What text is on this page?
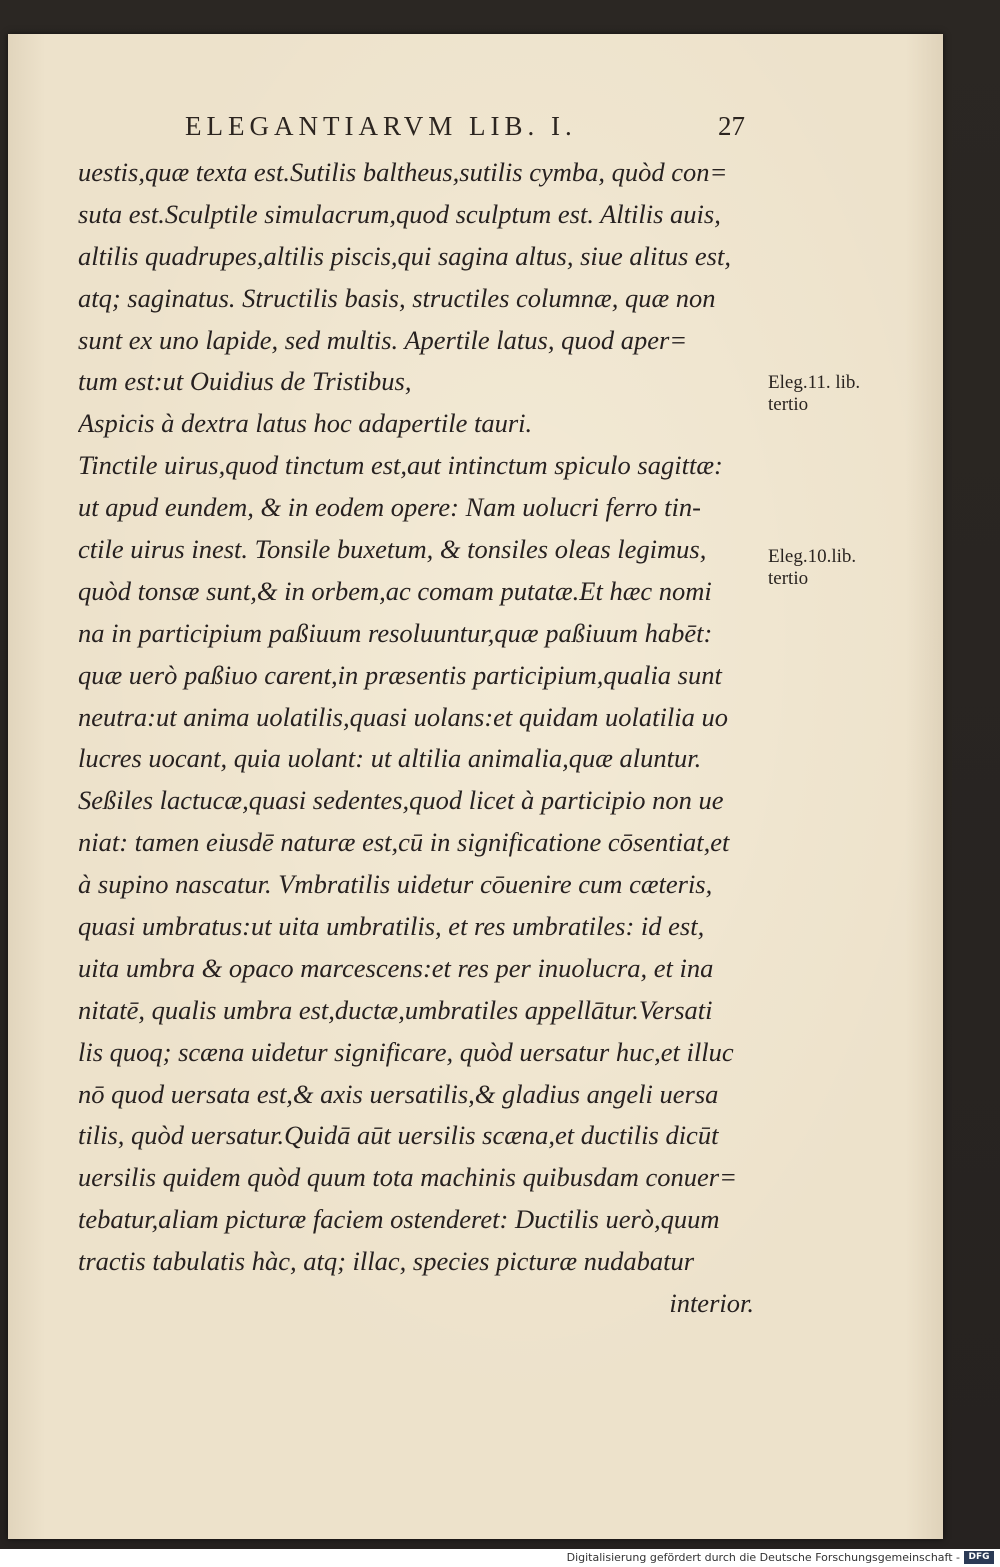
ELEGANTIARVM LIB. I.	27
uestis,quæ texta est.Sutilis baltheus,sutilis cymba, quòd con=
suta est.Sculptile simulacrum,quod sculptum est. Altilis auis,
altilis quadrupes,altilis piscis,qui sagina altus, siue alitus est,
atq; saginatus. Structilis basis, structiles columnæ, quæ non
sunt ex uno lapide, sed multis. Apertile latus, quod aper=
tum est:ut Ouidius de Tristibus,
Aspicis à dextra latus hoc adapertile tauri.
Tinctile uirus,quod tinctum est,aut intinctum spiculo sagittæ:
ut apud eundem, & in eodem opere: Nam uolucri ferro tin-
ctile uirus inest. Tonsile buxetum, & tonsiles oleas legimus,
quòd tonsæ sunt,& in orbem,ac comam putatæ.Et hæc nomi
na in participium paßiuum resoluuntur,quæ paßiuum habēt:
quæ uerò paßiuo carent,in præsentis participium,qualia sunt
neutra:ut anima uolatilis,quasi uolans:et quidam uolatilia uo
lucres uocant, quia uolant: ut altilia animalia,quæ aluntur.
Seßiles lactucæ,quasi sedentes,quod licet à participio non ue
niat: tamen eiusdē naturæ est,cū in significatione cōsentiat,et
à supino nascatur. Vmbratilis uidetur cōuenire cum cæteris,
quasi umbratus:ut uita umbratilis, et res umbratiles: id est,
uita umbra & opaco marcescens:et res per inuolucra, et ina
nitatē, qualis umbra est,ductæ,umbratiles appellātur.Versati
lis quoq; scæna uidetur significare, quòd uersatur huc,et illuc
nō quod uersata est,& axis uersatilis,& gladius angeli uersa
tilis, quòd uersatur.Quidā aūt uersilis scæna,et ductilis dicūt
uersilis quidem quòd quum tota machinis quibusdam conuer=
tebatur,aliam picturæ faciem ostenderet: Ductilis uerò,quum
tractis tabulatis hàc, atq; illac, species picturæ nudabatur
interior.
Eleg.11. lib.
tertio
Eleg.10.lib.
tertio
Digitalisierung gefördert durch die Deutsche Forschungsgemeinschaft - DFG
